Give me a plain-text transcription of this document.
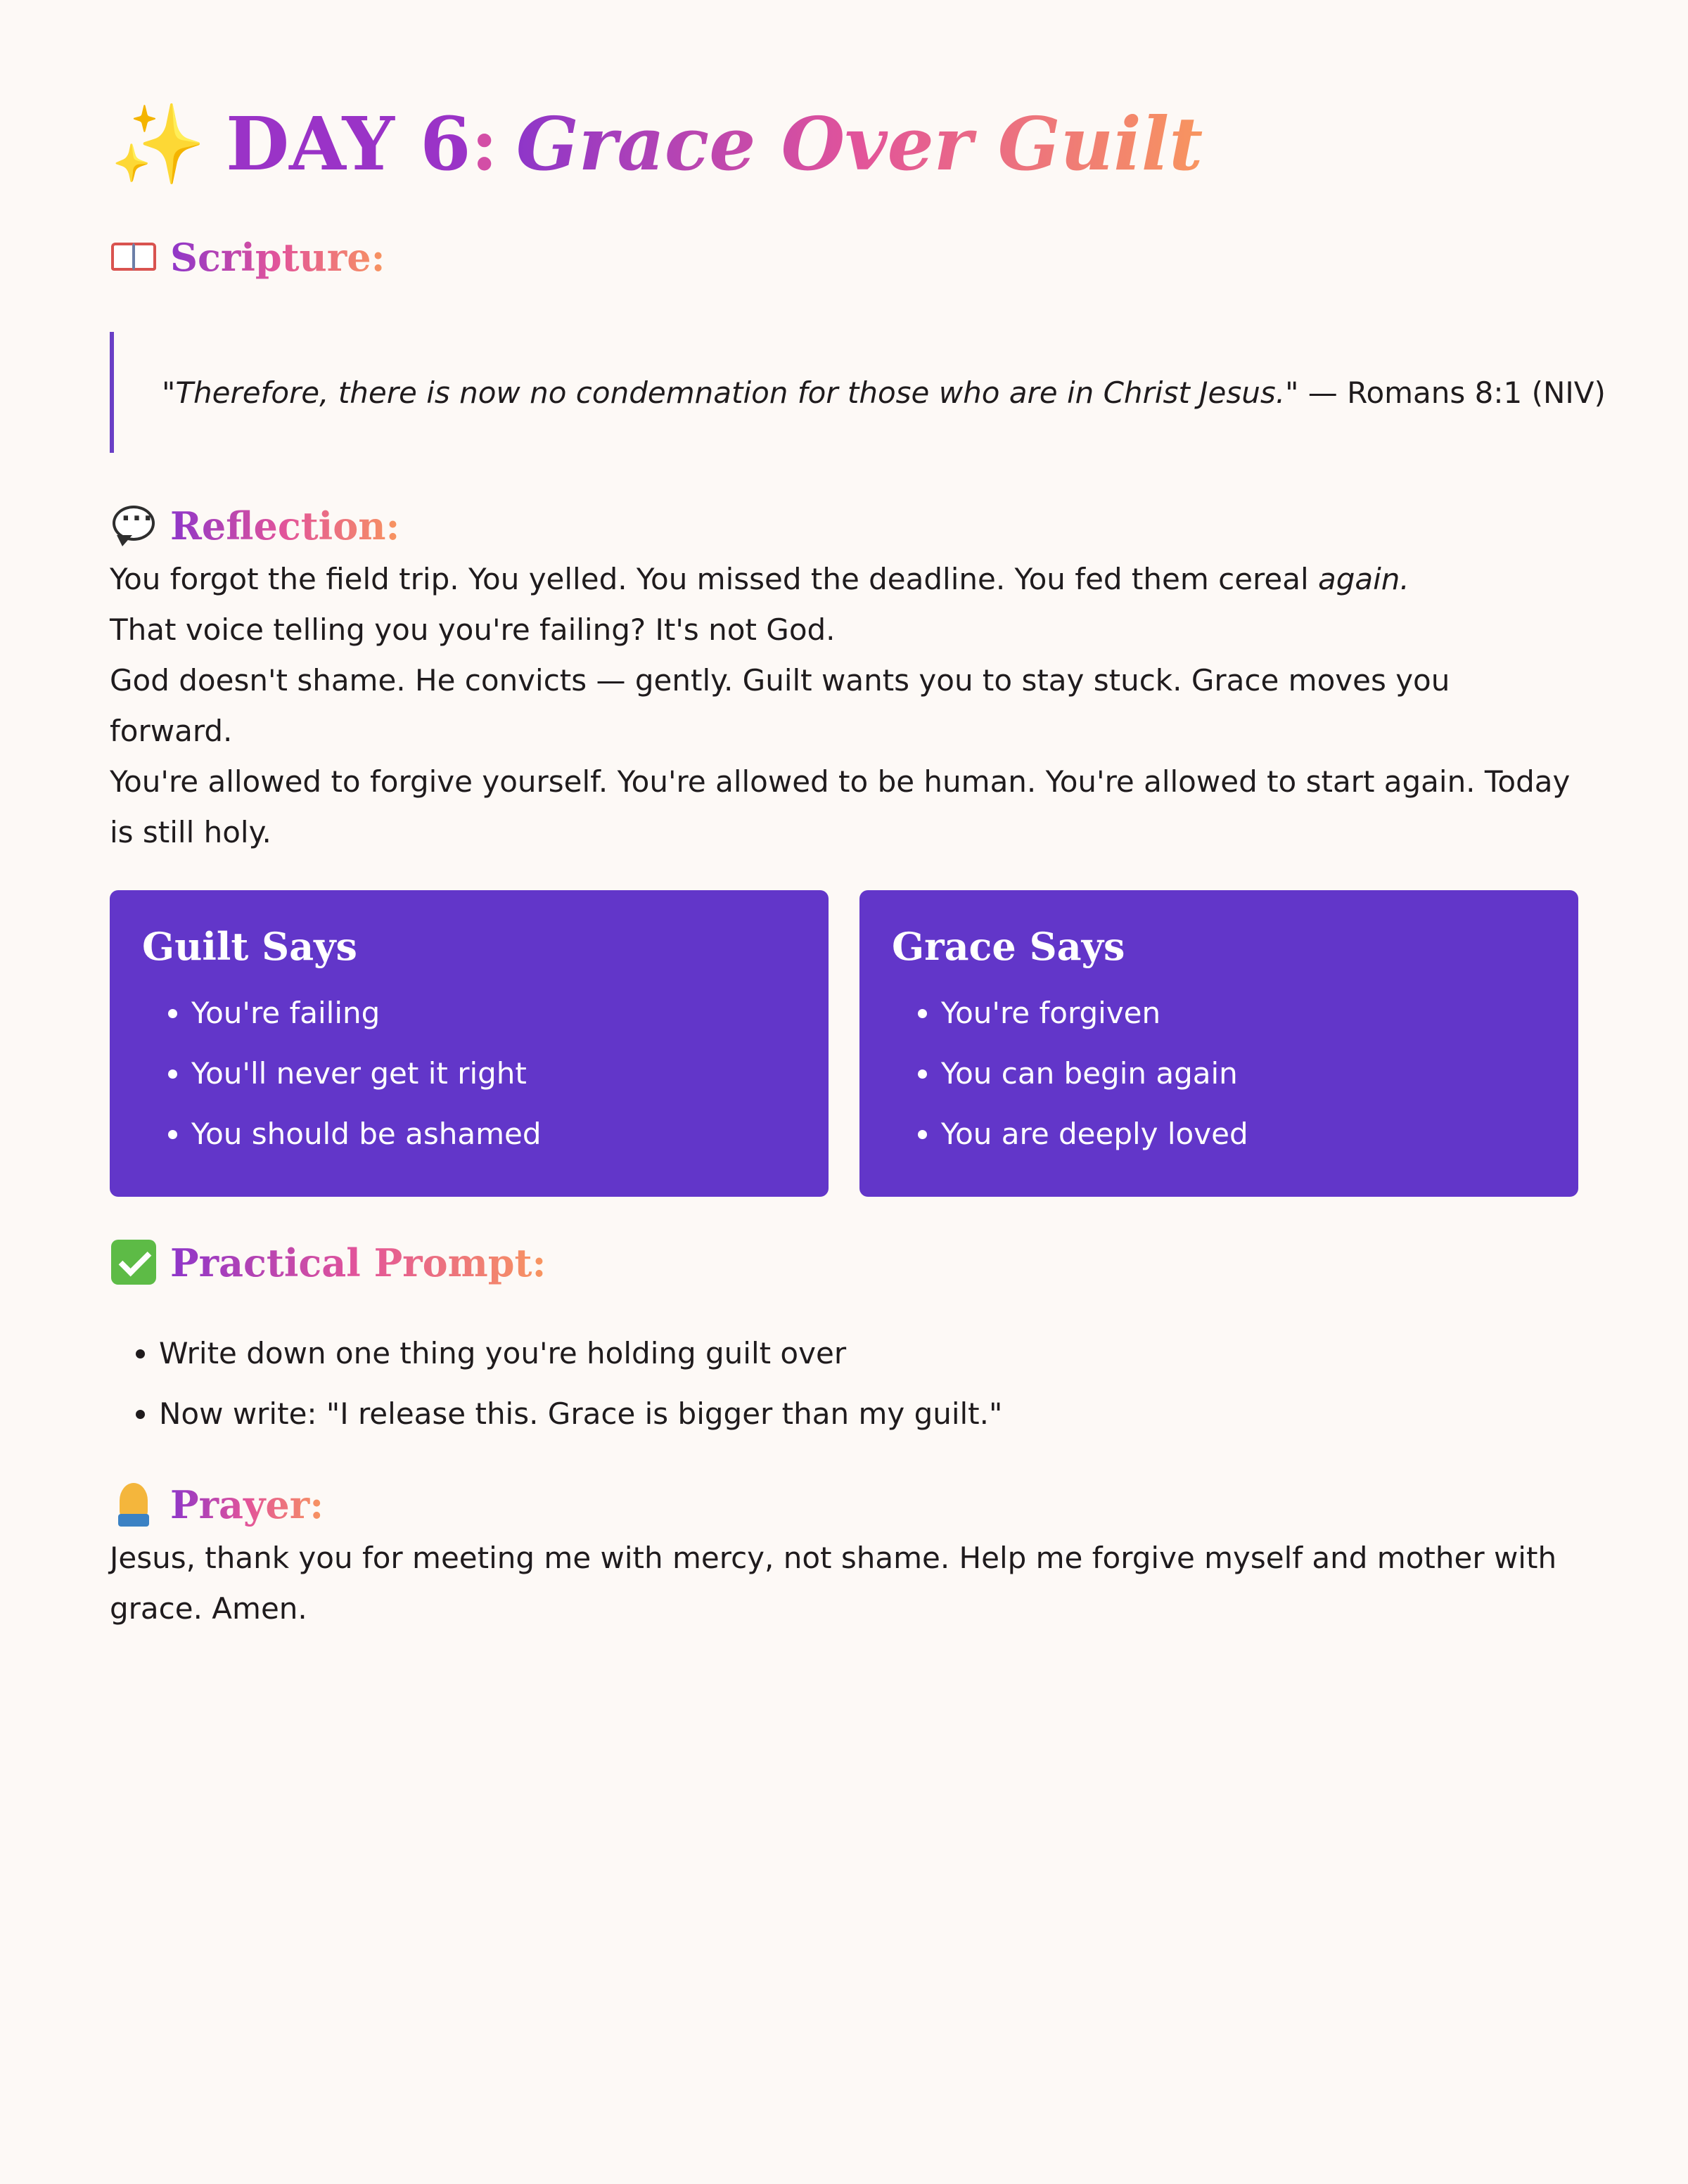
✨ DAY 6 : Grace Over Guilt
Scripture:
"Therefore, there is now no condemnation for those who are in Christ Jesus." — Romans 8:1 (NIV)
···
Reflection:

You forgot the field trip. You yelled. You missed the deadline. You fed them cereal again.

That voice telling you you're failing? It's not God.

God doesn't shame. He convicts — gently. Guilt wants you to stay stuck. Grace moves you forward.

You're allowed to forgive yourself. You're allowed to be human. You're allowed to start again. Today is still holy.

Guilt Says
• You're failing
• You'll never get it right
• You should be ashamed
Grace Says
• You're forgiven
• You can begin again
• You are deeply loved
Practical Prompt:
• Write down one thing you're holding guilt over
• Now write: "I release this. Grace is bigger than my guilt."
Prayer:

Jesus, thank you for meeting me with mercy, not shame. Help me forgive myself and mother with grace. Amen.
